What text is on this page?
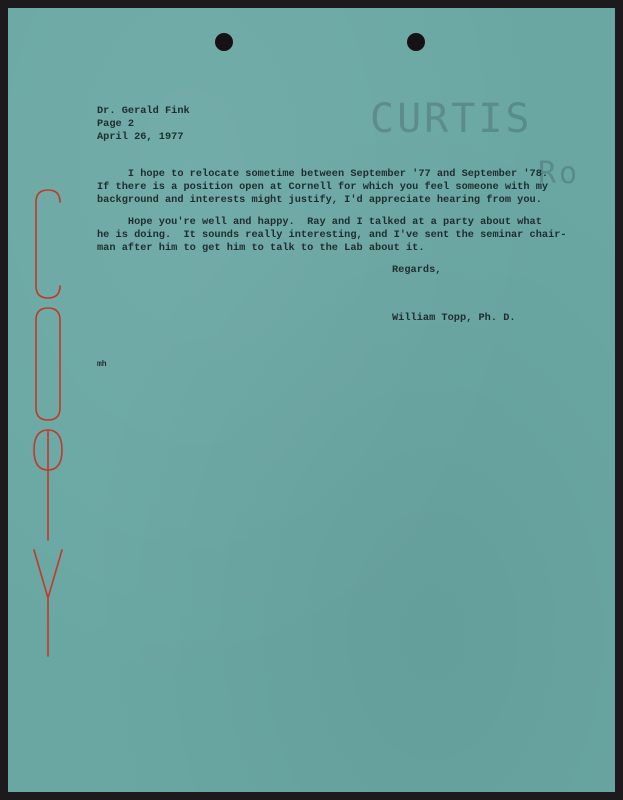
CURTIS
Ro
Dr. Gerald Fink
Page 2
April 26, 1977
I hope to relocate sometime between September '77 and September '78.
If there is a position open at Cornell for which you feel someone with my
background and interests might justify, I'd appreciate hearing from you.
Hope you're well and happy.  Ray and I talked at a party about what
he is doing.  It sounds really interesting, and I've sent the seminar chair-
man after him to get him to talk to the Lab about it.
Regards,
William Topp, Ph. D.
mh
